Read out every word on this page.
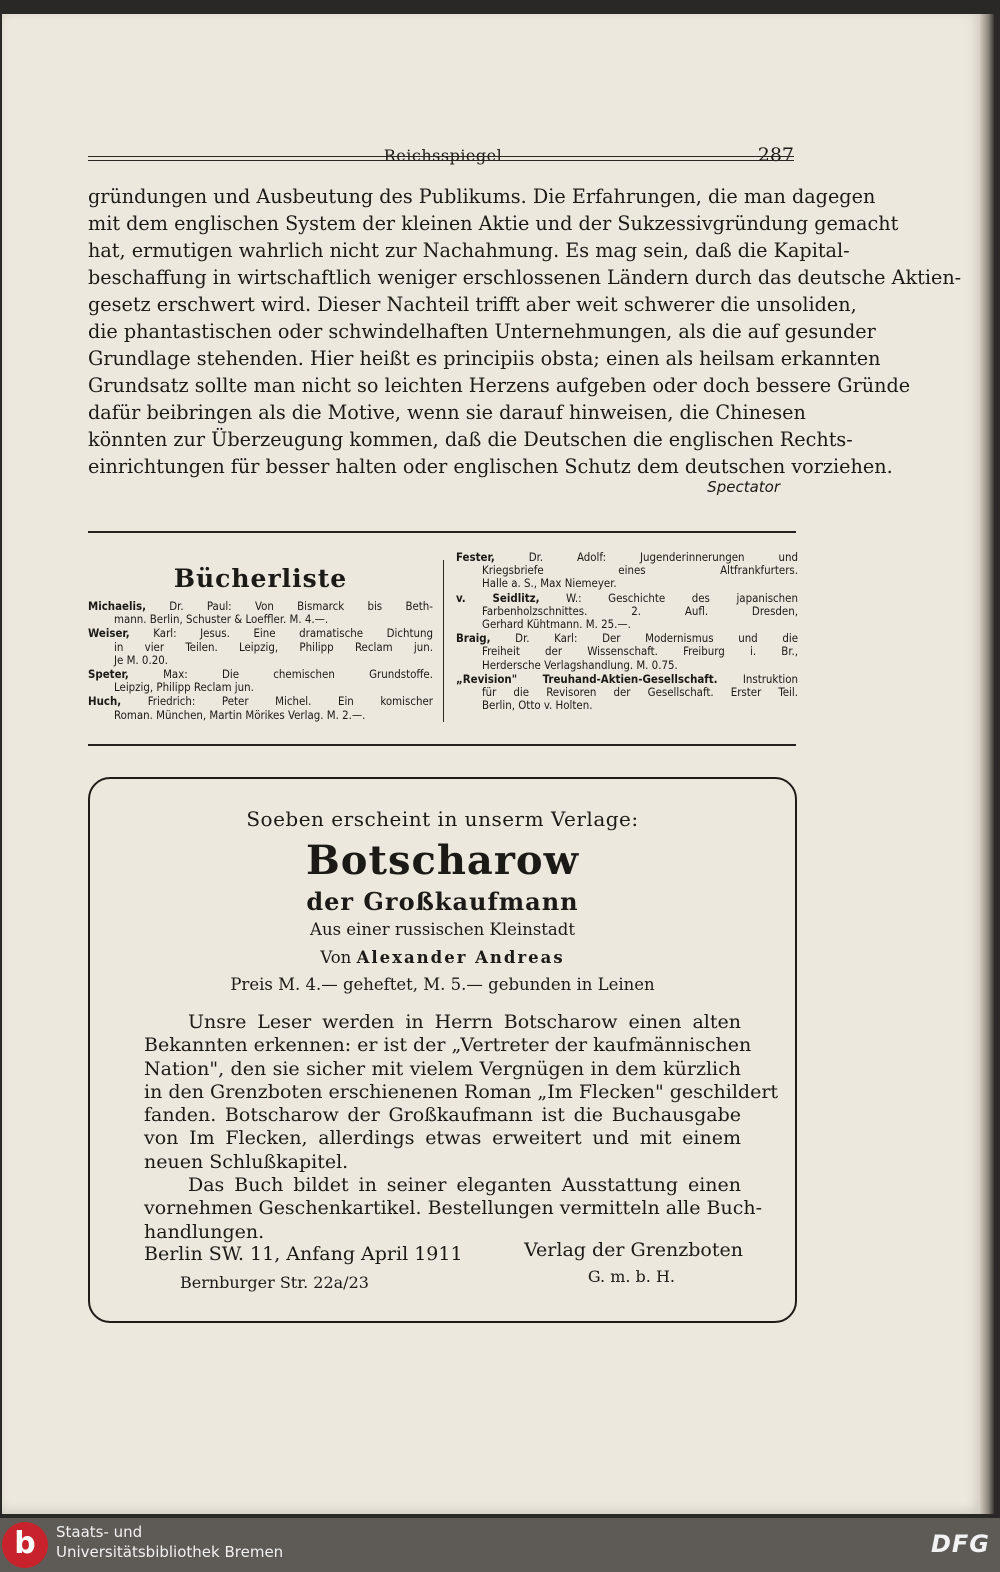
Reichsspiegel	287
gründungen und Ausbeutung des Publikums. Die Erfahrungen, die man dagegen
mit dem englischen System der kleinen Aktie und der Sukzessivgründung gemacht
hat, ermutigen wahrlich nicht zur Nachahmung. Es mag sein, daß die Kapital-
beschaffung in wirtschaftlich weniger erschlossenen Ländern durch das deutsche Aktien-
gesetz erschwert wird. Dieser Nachteil trifft aber weit schwerer die unsoliden,
die phantastischen oder schwindelhaften Unternehmungen, als die auf gesunder
Grundlage stehenden. Hier heißt es principiis obsta; einen als heilsam erkannten
Grundsatz sollte man nicht so leichten Herzens aufgeben oder doch bessere Gründe
dafür beibringen als die Motive, wenn sie darauf hinweisen, die Chinesen
könnten zur Überzeugung kommen, daß die Deutschen die englischen Rechts-
einrichtungen für besser halten oder englischen Schutz dem deutschen vorziehen.
Spectator
Bücherliste
Michaelis, Dr. Paul: Von Bismarck bis Beth-
mann. Berlin, Schuster & Loeffler. M. 4.—.
Weiser, Karl: Jesus. Eine dramatische Dichtung
in vier Teilen. Leipzig, Philipp Reclam jun.
Je M. 0.20.
Speter, Max: Die chemischen Grundstoffe.
Leipzig, Philipp Reclam jun.
Huch, Friedrich: Peter Michel. Ein komischer
Roman. München, Martin Mörikes Verlag. M. 2.—.
Fester, Dr. Adolf: Jugenderinnerungen und
Kriegsbriefe eines Altfrankfurters.
Halle a. S., Max Niemeyer.
v. Seidlitz, W.: Geschichte des japanischen
Farbenholzschnittes. 2. Aufl. Dresden,
Gerhard Kühtmann. M. 25.—.
Braig, Dr. Karl: Der Modernismus und die
Freiheit der Wissenschaft. Freiburg i. Br.,
Herdersche Verlagshandlung. M. 0.75.
„Revision" Treuhand-Aktien-Gesellschaft. Instruktion
für die Revisoren der Gesellschaft. Erster Teil.
Berlin, Otto v. Holten.
Soeben erscheint in unserm Verlage:
Botscharow
der Großkaufmann
Aus einer russischen Kleinstadt
Von Alexander Andreas
Preis M. 4.— geheftet, M. 5.— gebunden in Leinen
Unsre Leser werden in Herrn Botscharow einen alten
Bekannten erkennen: er ist der „Vertreter der kaufmännischen
Nation", den sie sicher mit vielem Vergnügen in dem kürzlich
in den Grenzboten erschienenen Roman „Im Flecken" geschildert
fanden. Botscharow der Großkaufmann ist die Buchausgabe
von Im Flecken, allerdings etwas erweitert und mit einem
neuen Schlußkapitel.
Das Buch bildet in seiner eleganten Ausstattung einen
vornehmen Geschenkartikel. Bestellungen vermitteln alle Buch-
handlungen.
Berlin SW. 11, Anfang April 1911
Bernburger Str. 22a/23
Verlag der Grenzboten
G. m. b. H.
b	Staats- und
Universitätsbibliothek Bremen	DFG
